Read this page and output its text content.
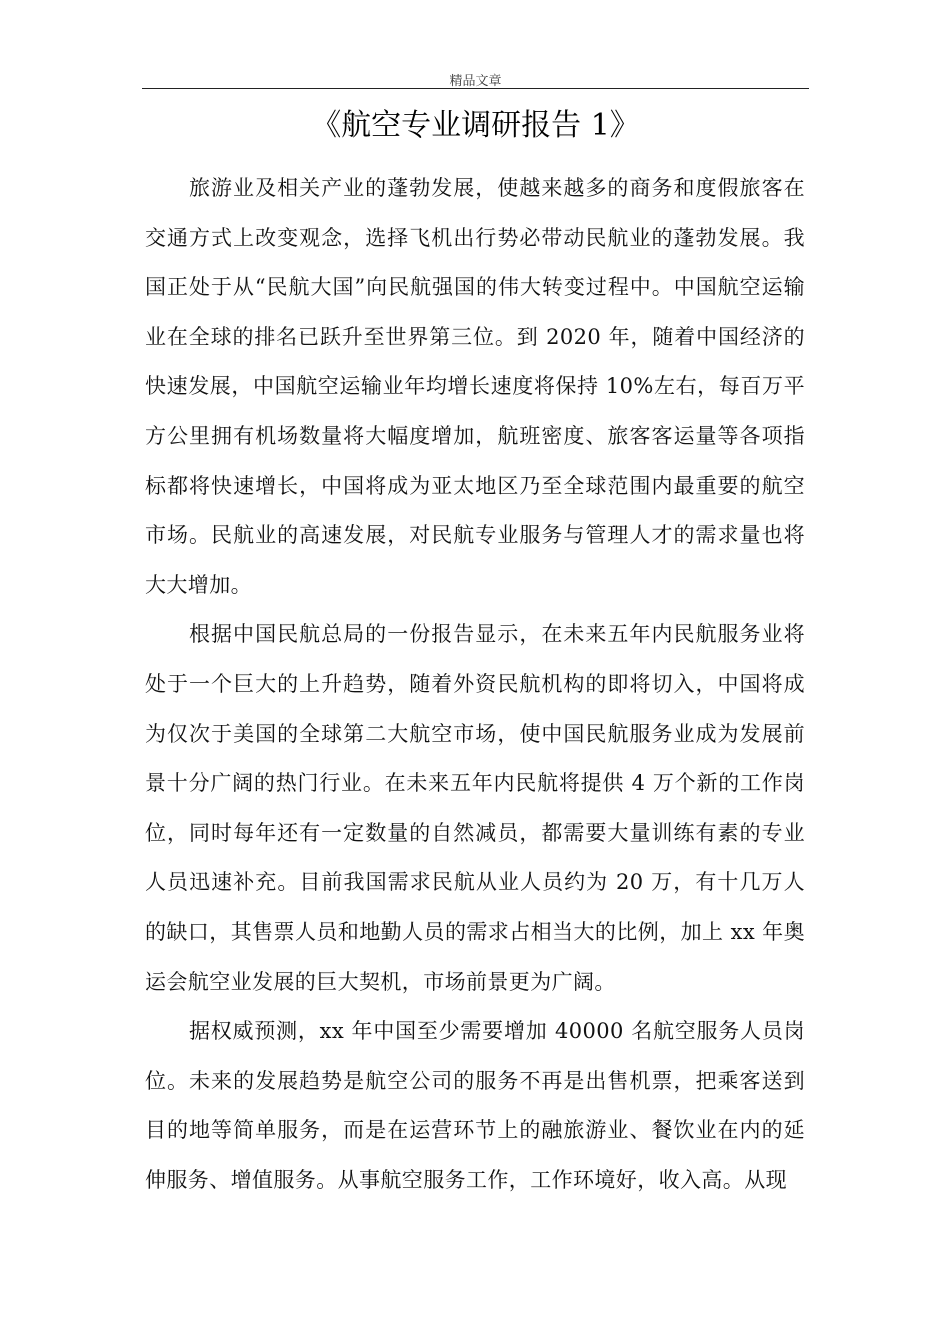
精品文章
《航空专业调研报告 1》

旅游业及相关产业的蓬勃发展，使越来越多的商务和度假旅客在交通方式上改变观念，选择飞机出行势必带动民航业的蓬勃发展。我国正处于从“民航大国”向民航强国的伟大转变过程中。中国航空运输业在全球的排名已跃升至世界第三位。到 2020 年，随着中国经济的快速发展，中国航空运输业年均增长速度将保持 10%左右，每百万平方公里拥有机场数量将大幅度增加，航班密度、旅客客运量等各项指标都将快速增长，中国将成为亚太地区乃至全球范围内最重要的航空市场。民航业的高速发展，对民航专业服务与管理人才的需求量也将大大增加。

根据中国民航总局的一份报告显示，在未来五年内民航服务业将处于一个巨大的上升趋势，随着外资民航机构的即将切入，中国将成为仅次于美国的全球第二大航空市场，使中国民航服务业成为发展前景十分广阔的热门行业。在未来五年内民航将提供 4 万个新的工作岗位，同时每年还有一定数量的自然减员，都需要大量训练有素的专业人员迅速补充。目前我国需求民航从业人员约为 20 万，有十几万人的缺口，其售票人员和地勤人员的需求占相当大的比例，加上 xx 年奥运会航空业发展的巨大契机，市场前景更为广阔。

据权威预测，xx 年中国至少需要增加 40000 名航空服务人员岗位。未来的发展趋势是航空公司的服务不再是出售机票，把乘客送到目的地等简单服务，而是在运营环节上的融旅游业、餐饮业在内的延伸服务、增值服务。从事航空服务工作，工作环境好，收入高。从现
